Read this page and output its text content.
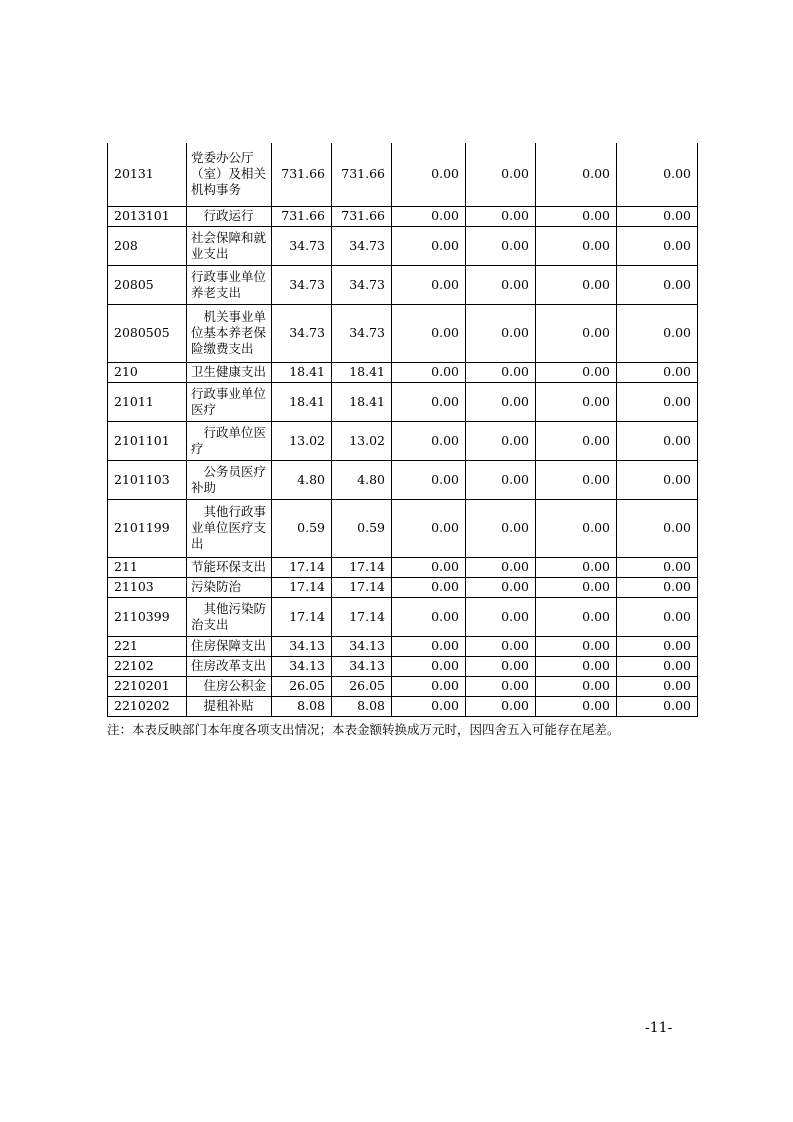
20131	党委办公厅（室）及相关机构事务	731.66	731.66	0.00	0.00	0.00	0.00
2013101	行政运行	731.66	731.66	0.00	0.00	0.00	0.00
208	社会保障和就业支出	34.73	34.73	0.00	0.00	0.00	0.00
20805	行政事业单位养老支出	34.73	34.73	0.00	0.00	0.00	0.00
2080505	机关事业单位基本养老保险缴费支出	34.73	34.73	0.00	0.00	0.00	0.00
210	卫生健康支出	18.41	18.41	0.00	0.00	0.00	0.00
21011	行政事业单位医疗	18.41	18.41	0.00	0.00	0.00	0.00
2101101	行政单位医疗	13.02	13.02	0.00	0.00	0.00	0.00
2101103	公务员医疗补助	4.80	4.80	0.00	0.00	0.00	0.00
2101199	其他行政事业单位医疗支出	0.59	0.59	0.00	0.00	0.00	0.00
211	节能环保支出	17.14	17.14	0.00	0.00	0.00	0.00
21103	污染防治	17.14	17.14	0.00	0.00	0.00	0.00
2110399	其他污染防治支出	17.14	17.14	0.00	0.00	0.00	0.00
221	住房保障支出	34.13	34.13	0.00	0.00	0.00	0.00
22102	住房改革支出	34.13	34.13	0.00	0.00	0.00	0.00
2210201	住房公积金	26.05	26.05	0.00	0.00	0.00	0.00
2210202	提租补贴	8.08	8.08	0.00	0.00	0.00	0.00
注：本表反映部门本年度各项支出情况；本表金额转换成万元时，因四舍五入可能存在尾差。
-11-
